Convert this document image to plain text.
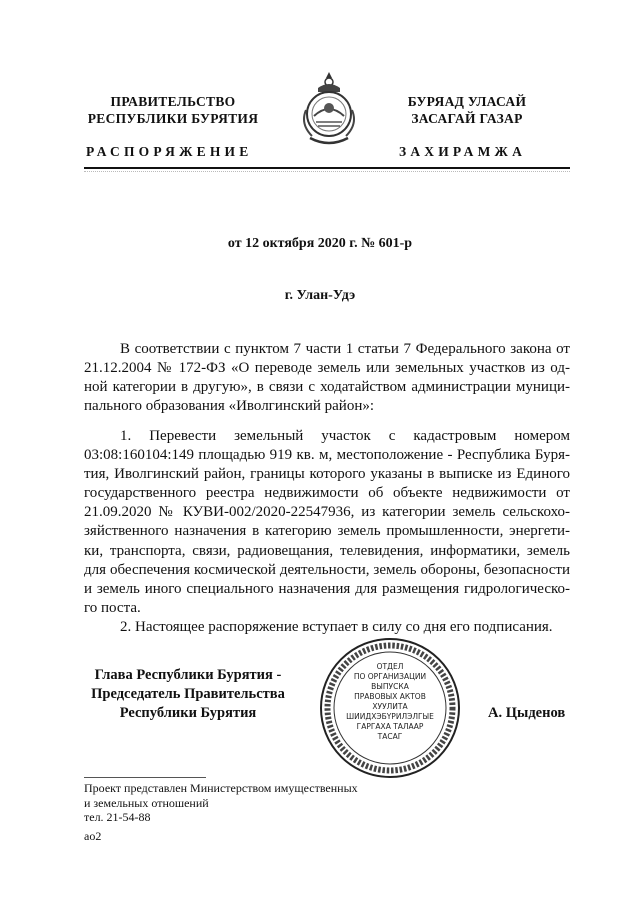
ПРАВИТЕЛЬСТВО
РЕСПУБЛИКИ БУРЯТИЯ
БУРЯАД УЛАСАЙ
ЗАСАГАЙ ГАЗАР
РАСПОРЯЖЕНИЕ	ЗАХИРАМЖА
от 12 октября 2020 г. № 601-р
г. Улан-Удэ
В соответствии с пунктом 7 части 1 статьи 7 Федерального закона от
21.12.2004 № 172-ФЗ «О переводе земель или земельных участков из од-
ной категории в другую», в связи с ходатайством администрации муници-
пального образования «Иволгинский район»:
1. Перевести земельный участок с кадастровым номером
03:08:160104:149 площадью 919 кв. м, местоположение - Республика Буря-
тия, Иволгинский район, границы которого указаны в выписке из Единого
государственного реестра недвижимости об объекте недвижимости от
21.09.2020 № КУВИ-002/2020-22547936, из категории земель сельскохо-
зяйственного назначения в категорию земель промышленности, энергети-
ки, транспорта, связи, радиовещания, телевидения, информатики, земель
для обеспечения космической деятельности, земель обороны, безопасности
и земель иного специального назначения для размещения гидрологическо-
го поста.
2. Настоящее распоряжение вступает в силу со дня его подписания.
Глава Республики Бурятия -
Председатель Правительства
Республики Бурятия
ОТДЕЛ
ПО ОРГАНИЗАЦИИ
ВЫПУСКА
ПРАВОВЫХ АКТОВ
ХУУЛИТА
ШИИДХЭБҮРИЛЭЛГЫЕ
ГАРГАХА ТАЛААР
ТАСАГ
А. Цыденов
Проект представлен Министерством имущественных
и земельных отношений
тел. 21-54-88
ао2
